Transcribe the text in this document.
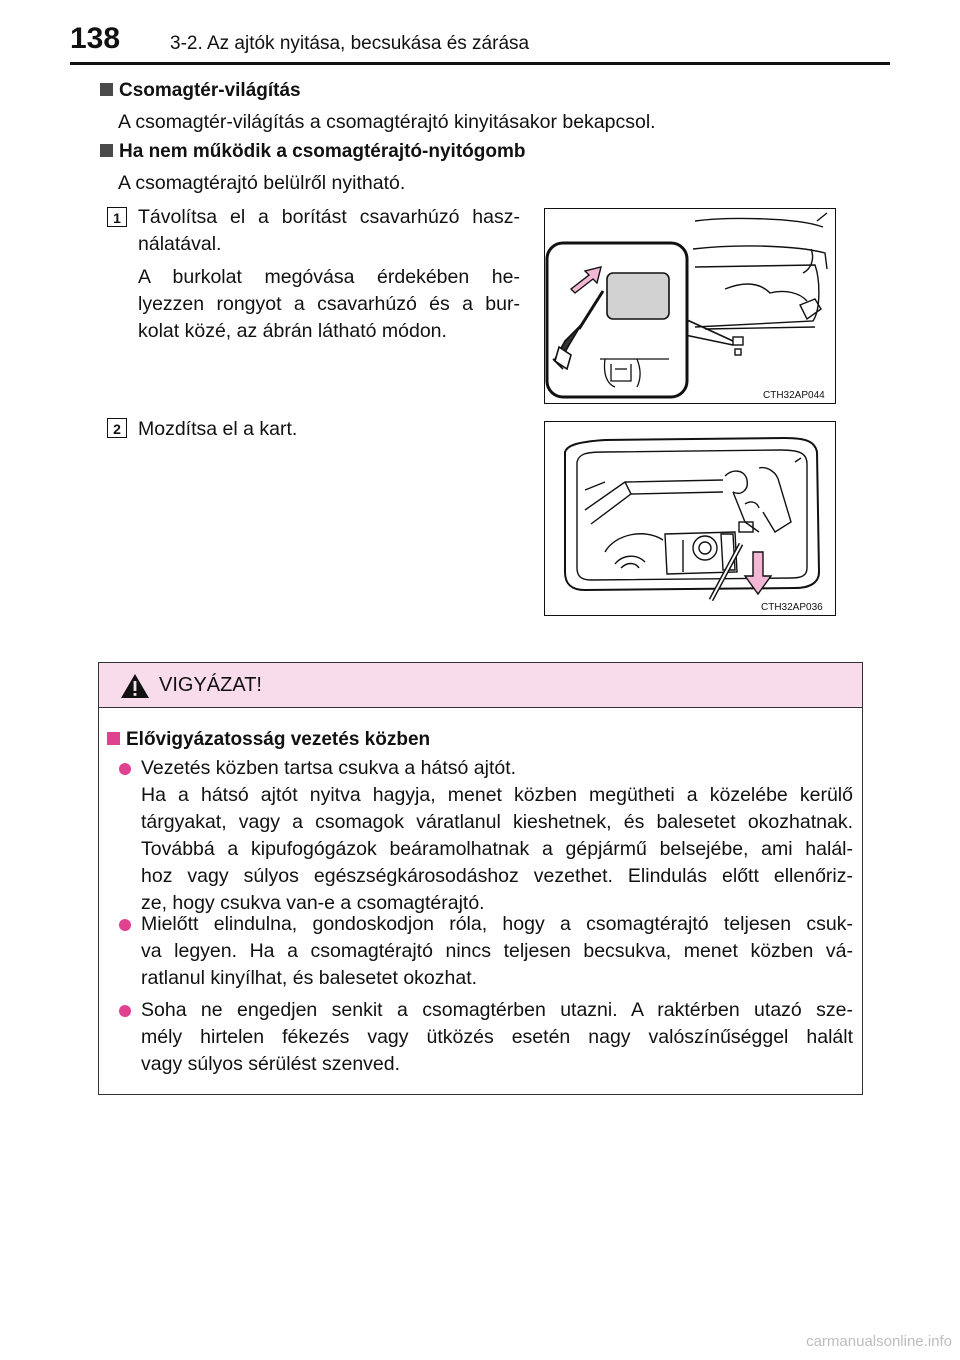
138	3-2. Az ajtók nyitása, becsukása és zárása
Csomagtér-világítás
A csomagtér-világítás a csomagtérajtó kinyitásakor bekapcsol.
Ha nem működik a csomagtérajtó-nyitógomb
A csomagtérajtó belülről nyitható.
1 Távolítsa el a borítást csavarhúzó hasz-
nálatával.
A burkolat megóvása érdekében he-
lyezzen rongyot a csavarhúzó és a bur-
kolat közé, az ábrán látható módon.
CTH32AP044
2 Mozdítsa el a kart.
CTH32AP036
VIGYÁZAT!
Elővigyázatosság vezetés közben
Vezetés közben tartsa csukva a hátsó ajtót.
Ha a hátsó ajtót nyitva hagyja, menet közben megütheti a közelébe kerülő
tárgyakat, vagy a csomagok váratlanul kieshetnek, és balesetet okozhatnak.
Továbbá a kipufogógázok beáramolhatnak a gépjármű belsejébe, ami halál-
hoz vagy súlyos egészségkárosodáshoz vezethet. Elindulás előtt ellenőriz-
ze, hogy csukva van-e a csomagtérajtó.
Mielőtt elindulna, gondoskodjon róla, hogy a csomagtérajtó teljesen csuk-
va legyen. Ha a csomagtérajtó nincs teljesen becsukva, menet közben vá-
ratlanul kinyílhat, és balesetet okozhat.
Soha ne engedjen senkit a csomagtérben utazni. A raktérben utazó sze-
mély hirtelen fékezés vagy ütközés esetén nagy valószínűséggel halált
vagy súlyos sérülést szenved.
carmanualsonline.info
